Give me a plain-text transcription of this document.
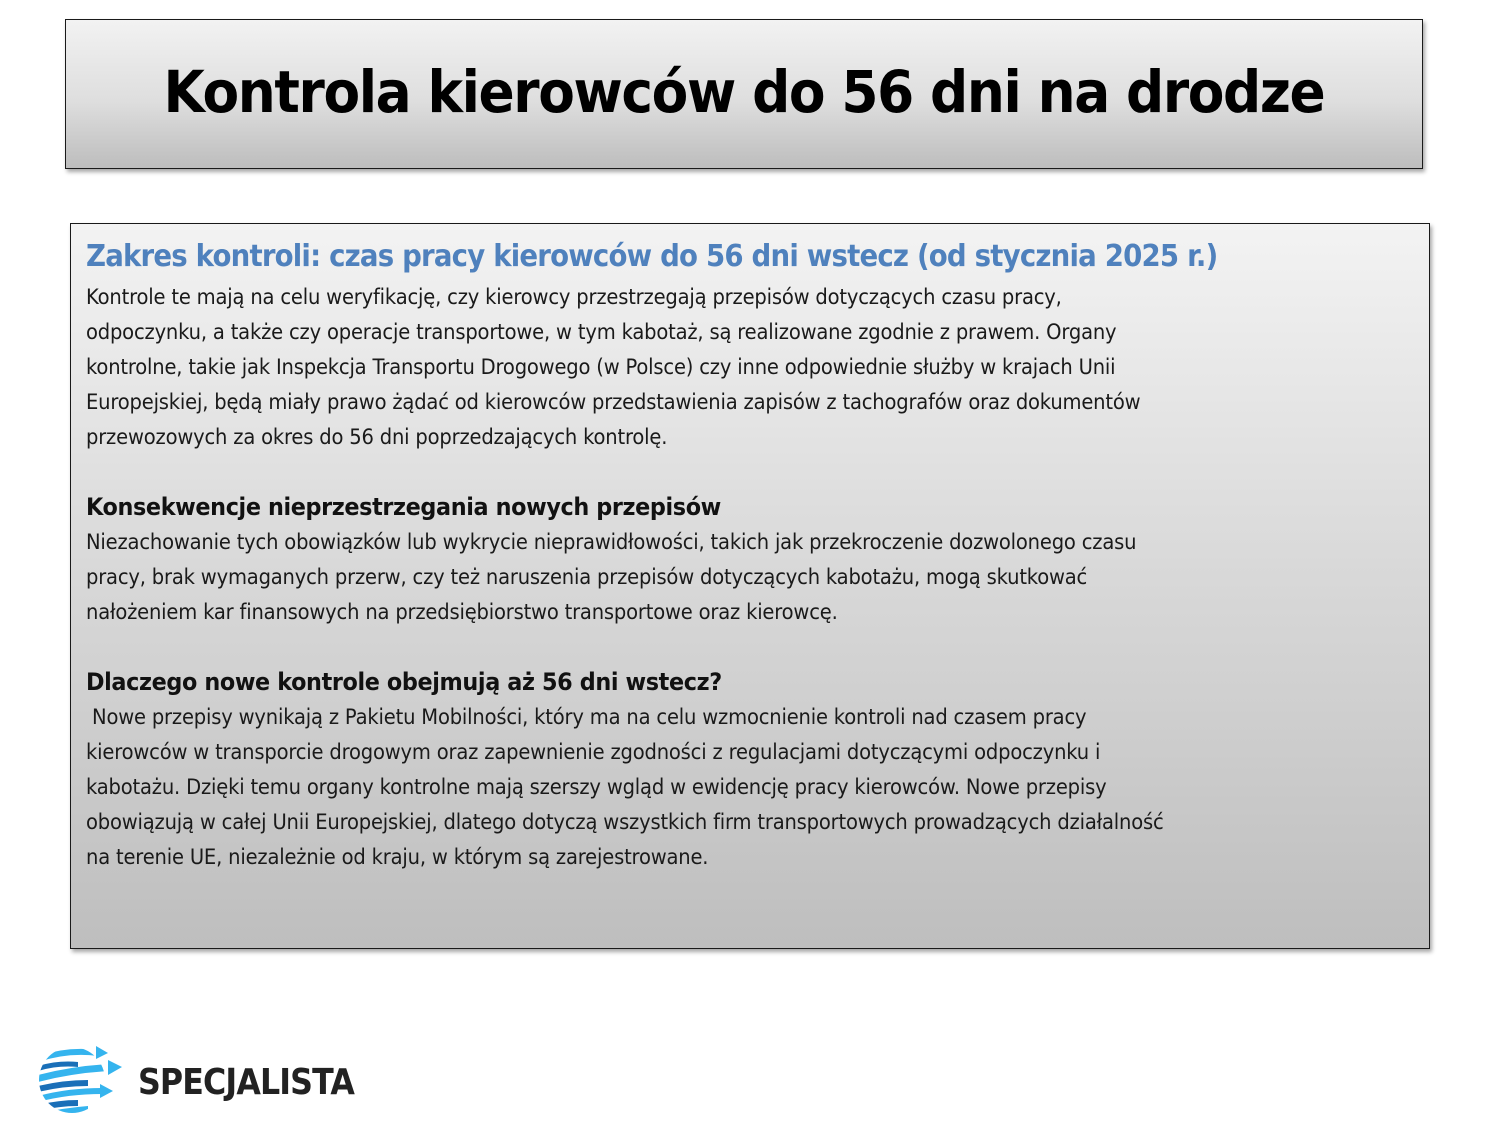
Kontrola kierowców do 56 dni na drodze
Zakres kontroli: czas pracy kierowców do 56 dni wstecz (od stycznia 2025 r.)
Kontrole te mają na celu weryfikację, czy kierowcy przestrzegają przepisów dotyczących czasu pracy,
odpoczynku, a także czy operacje transportowe, w tym kabotaż, są realizowane zgodnie z prawem. Organy
kontrolne, takie jak Inspekcja Transportu Drogowego (w Polsce) czy inne odpowiednie służby w krajach Unii
Europejskiej, będą miały prawo żądać od kierowców przedstawienia zapisów z tachografów oraz dokumentów
przewozowych za okres do 56 dni poprzedzających kontrolę.
Konsekwencje nieprzestrzegania nowych przepisów
Niezachowanie tych obowiązków lub wykrycie nieprawidłowości, takich jak przekroczenie dozwolonego czasu
pracy, brak wymaganych przerw, czy też naruszenia przepisów dotyczących kabotażu, mogą skutkować
nałożeniem kar finansowych na przedsiębiorstwo transportowe oraz kierowcę.
Dlaczego nowe kontrole obejmują aż 56 dni wstecz?
Nowe przepisy wynikają z Pakietu Mobilności, który ma na celu wzmocnienie kontroli nad czasem pracy
kierowców w transporcie drogowym oraz zapewnienie zgodności z regulacjami dotyczącymi odpoczynku i
kabotażu. Dzięki temu organy kontrolne mają szerszy wgląd w ewidencję pracy kierowców. Nowe przepisy
obowiązują w całej Unii Europejskiej, dlatego dotyczą wszystkich firm transportowych prowadzących działalność
na terenie UE, niezależnie od kraju, w którym są zarejestrowane.
SPECJALISTA
